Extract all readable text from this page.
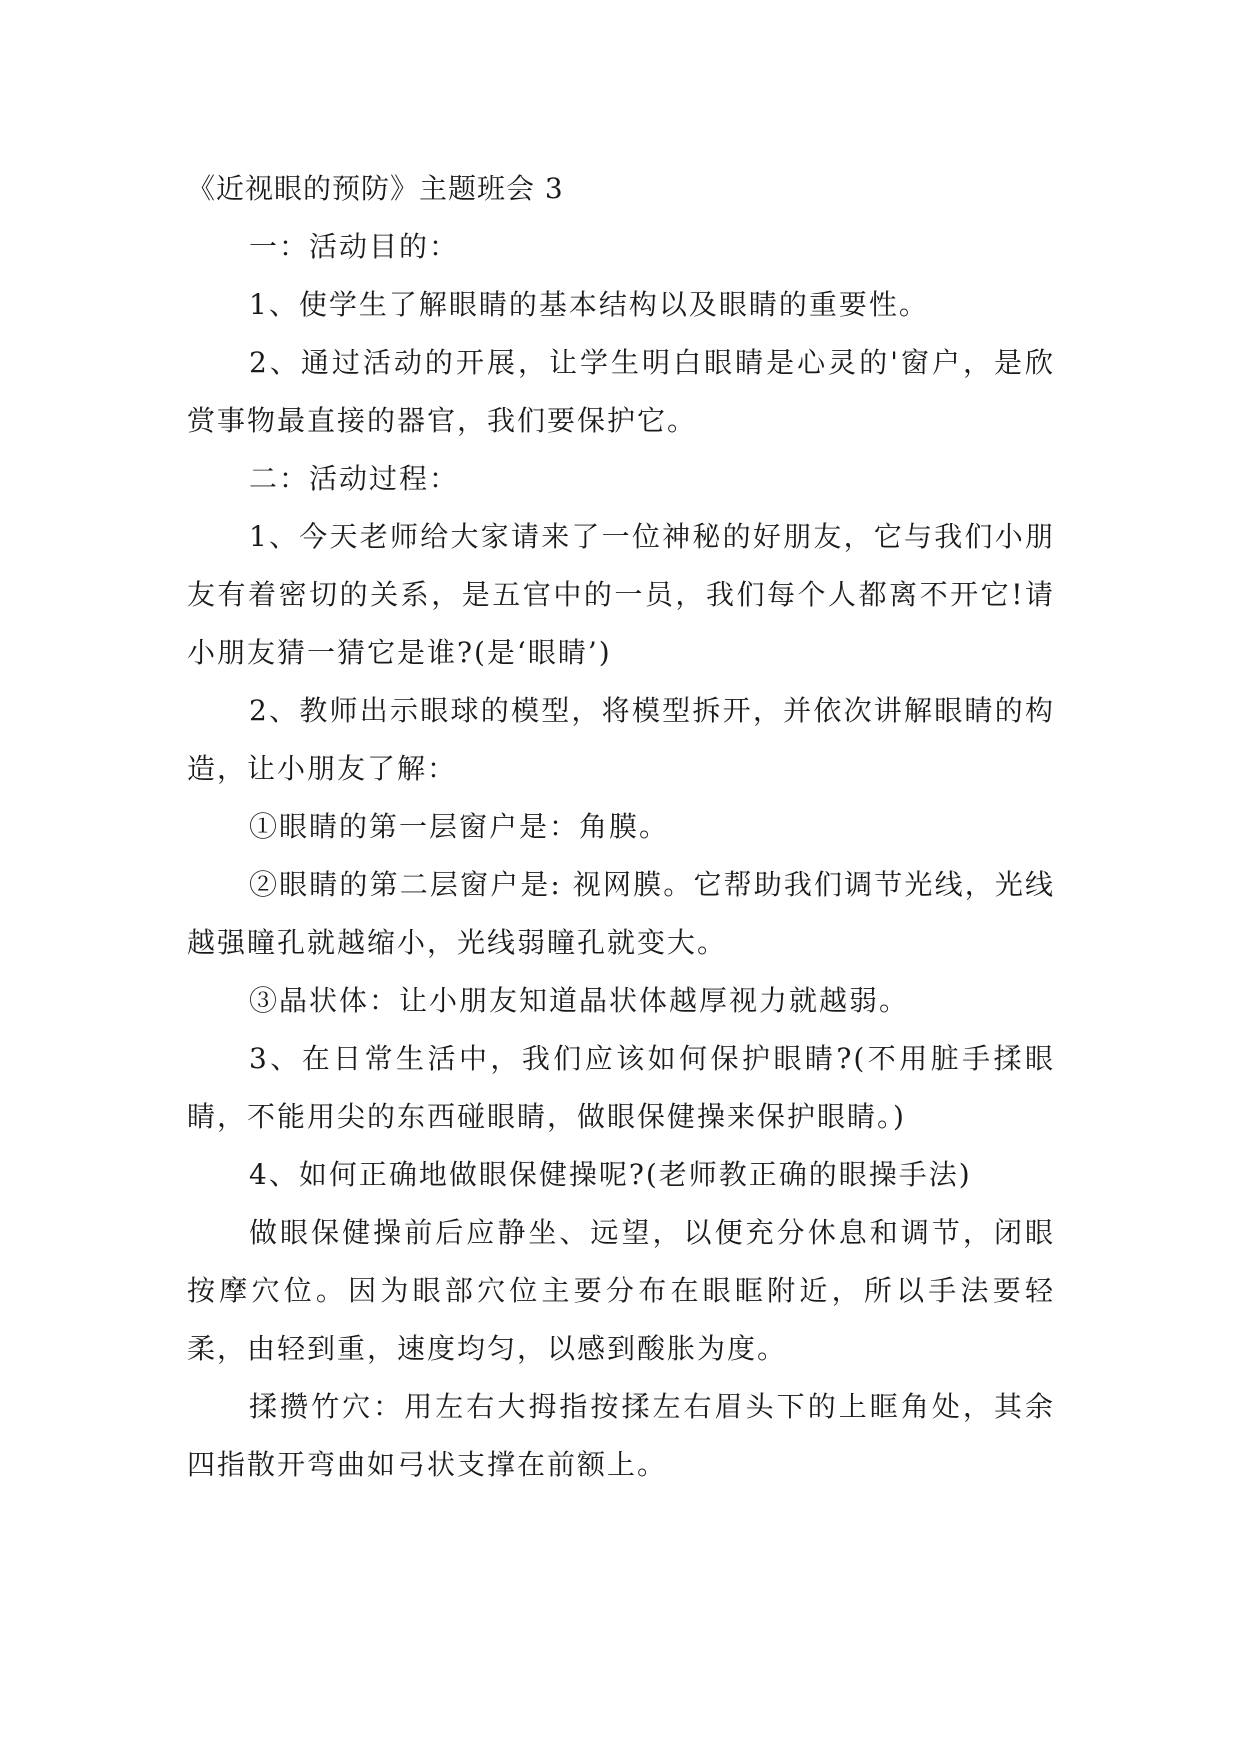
《近视眼的预防》主题班会 3

一：活动目的：

1、使学生了解眼睛的基本结构以及眼睛的重要性。

2、通过活动的开展，让学生明白眼睛是心灵的'窗户，是欣赏事物最直接的器官，我们要保护它。

二：活动过程：

1、今天老师给大家请来了一位神秘的好朋友，它与我们小朋友有着密切的关系，是五官中的一员，我们每个人都离不开它!请小朋友猜一猜它是谁?(是‘眼睛’)

2、教师出示眼球的模型，将模型拆开，并依次讲解眼睛的构造，让小朋友了解：

①眼睛的第一层窗户是：角膜。

②眼睛的第二层窗户是: 视网膜。它帮助我们调节光线，光线越强瞳孔就越缩小，光线弱瞳孔就变大。

③晶状体：让小朋友知道晶状体越厚视力就越弱。

3、在日常生活中，我们应该如何保护眼睛?(不用脏手揉眼睛，不能用尖的东西碰眼睛，做眼保健操来保护眼睛。)

4、如何正确地做眼保健操呢?(老师教正确的眼操手法)

做眼保健操前后应静坐、远望，以便充分休息和调节，闭眼按摩穴位。因为眼部穴位主要分布在眼眶附近，所以手法要轻柔，由轻到重，速度均匀，以感到酸胀为度。

揉攒竹穴：用左右大拇指按揉左右眉头下的上眶角处，其余四指散开弯曲如弓状支撑在前额上。
